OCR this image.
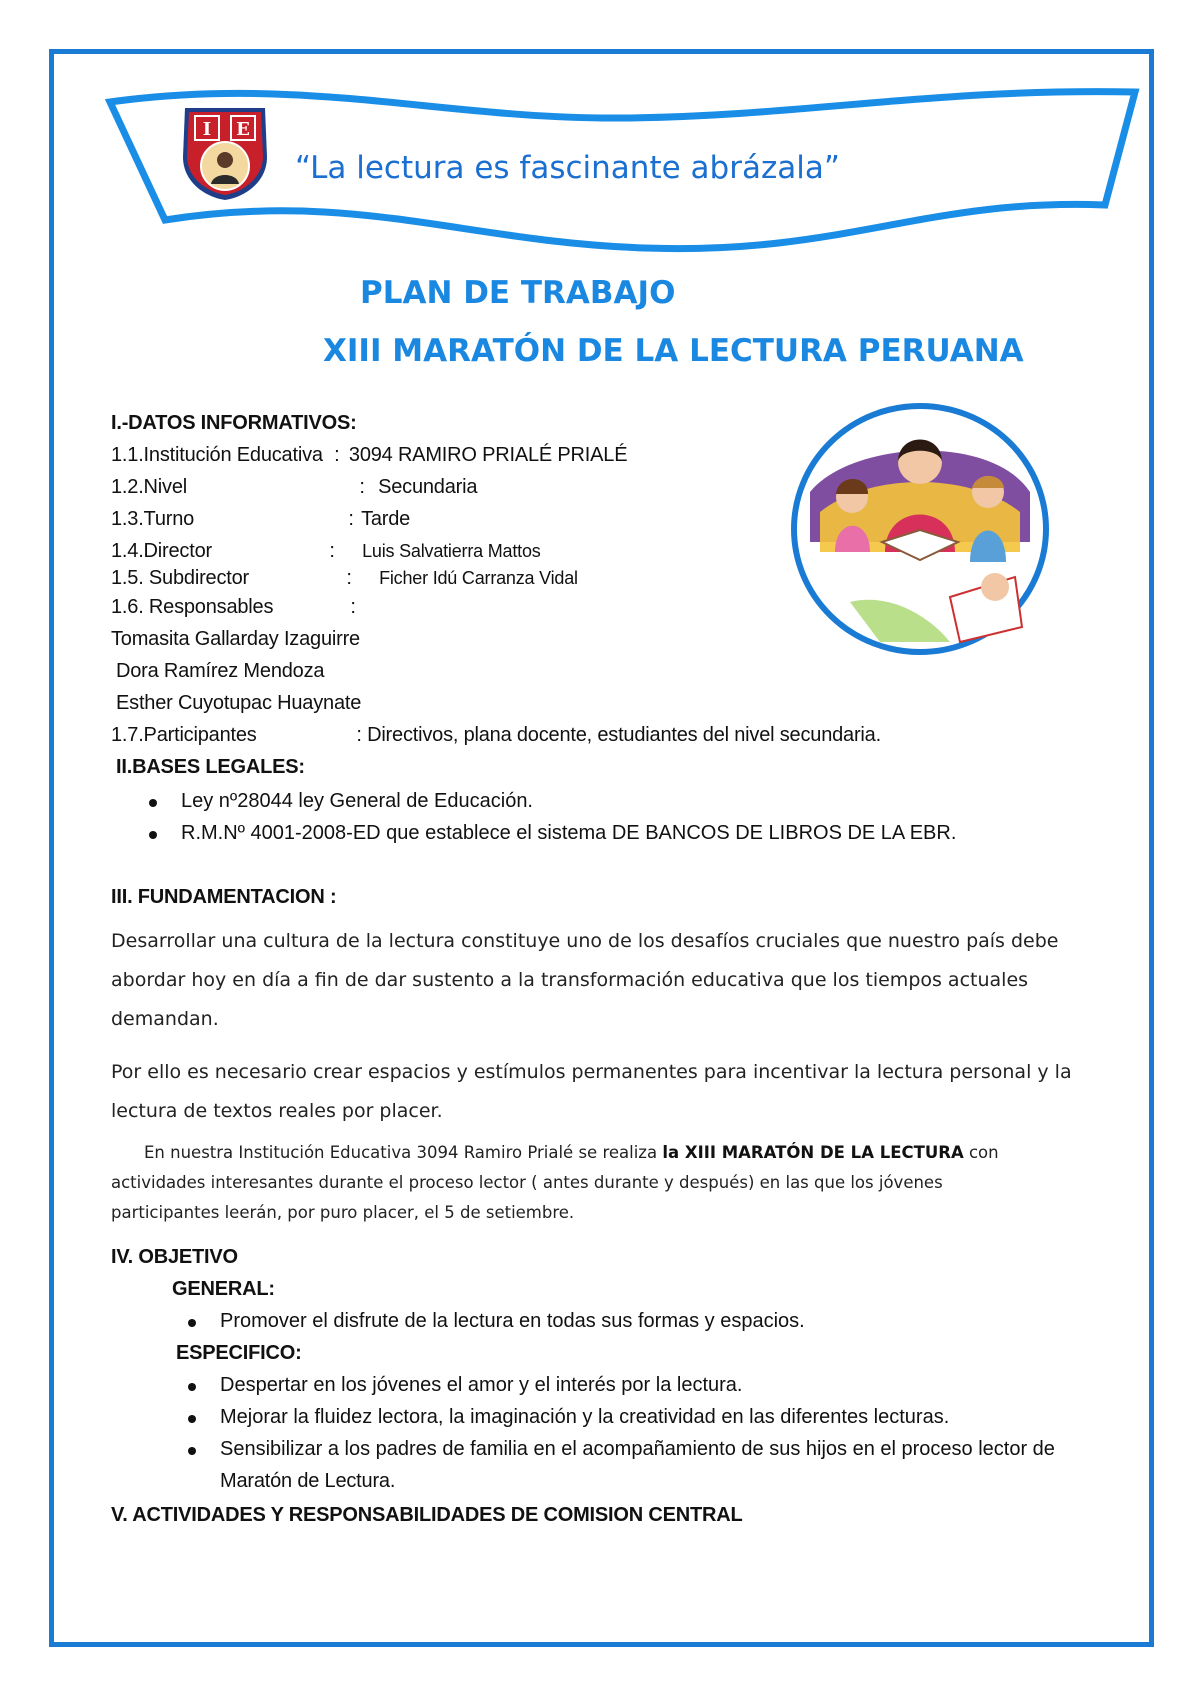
I E
“La lectura es fascinante abrázala”
PLAN DE TRABAJO
XIII MARATÓN DE LA LECTURA PERUANA
I.-DATOS INFORMATIVOS:
1.1.Institución Educativa : 3094 RAMIRO PRIALÉ PRIALÉ
1.2.Nivel	: Secundaria
1.3.Turno	: Tarde
1.4.Director	: Luis Salvatierra Mattos
1.5. Subdirector	: Ficher Idú Carranza Vidal
1.6. Responsables	:
Tomasita Gallarday Izaguirre
Dora Ramírez Mendoza
Esther Cuyotupac Huaynate
1.7.Participantes	: Directivos, plana docente, estudiantes del nivel secundaria.
II.BASES LEGALES:
Ley nº28044 ley General de Educación.
R.M.Nº 4001-2008-ED que establece el sistema DE BANCOS DE LIBROS DE LA EBR.
III. FUNDAMENTACION :
Desarrollar una cultura de la lectura constituye uno de los desafíos cruciales que nuestro país debe
abordar hoy en día a fin de dar sustento a la transformación educativa que los tiempos actuales
demandan.
Por ello es necesario crear espacios y estímulos permanentes para incentivar la lectura personal y la
lectura de textos reales por placer.
En nuestra Institución Educativa 3094 Ramiro Prialé se realiza la XIII MARATÓN DE LA LECTURA con
actividades interesantes durante el proceso lector ( antes durante y después) en las que los jóvenes
participantes leerán, por puro placer, el 5 de setiembre.
IV. OBJETIVO
GENERAL:
Promover el disfrute de la lectura en todas sus formas y espacios.
ESPECIFICO:
Despertar en los jóvenes el amor y el interés por la lectura.
Mejorar la fluidez lectora, la imaginación y la creatividad en las diferentes lecturas.
Sensibilizar a los padres de familia en el acompañamiento de sus hijos en el proceso lector de
Maratón de Lectura.
V. ACTIVIDADES Y RESPONSABILIDADES DE COMISION CENTRAL
